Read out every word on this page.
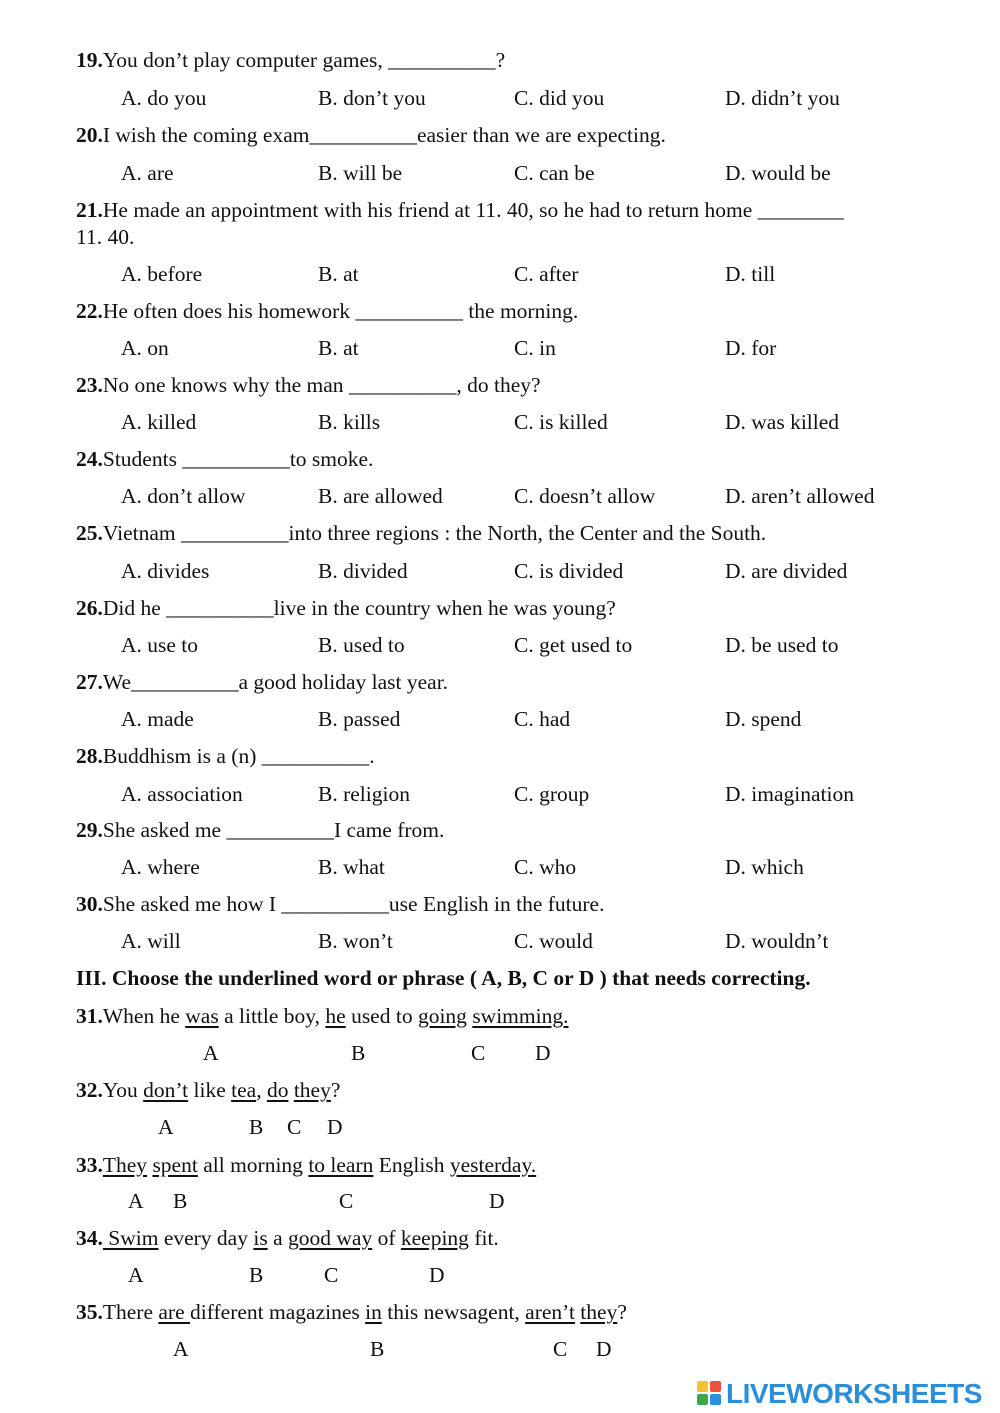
19.You don’t play computer games, __________?
A. do you	B. don’t you	C. did you	D. didn’t you
20.I wish the coming exam__________easier than we are expecting.
A. are	B. will be	C. can be	D. would be
21.He made an appointment with his friend at 11. 40, so he had to return home ________
11. 40.
A. before	B. at	C. after	D. till
22.He often does his homework __________ the morning.
A. on	B. at	C. in	D. for
23.No one knows why the man __________, do they?
A. killed	B. kills	C. is killed	D. was killed
24.Students __________to smoke.
A. don’t allow	B. are allowed	C. doesn’t allow	D. aren’t allowed
25.Vietnam __________into three regions : the North, the Center and the South.
A. divides	B. divided	C. is divided	D. are divided
26.Did he __________live in the country when he was young?
A. use to	B. used to	C. get used to	D. be used to
27.We__________a good holiday last year.
A. made	B. passed	C. had	D. spend
28.Buddhism is a (n) __________.
A. association	B. religion	C. group	D. imagination
29.She asked me __________I came from.
A. where	B. what	C. who	D. which
30.She asked me how I __________use English in the future.
A. will	B. won’t	C. would	D. wouldn’t
III. Choose the underlined word or phrase ( A, B, C or D ) that needs correcting.
31.When he was a little boy, he used to going swimming.
A	B	C D
32.You don’t like tea, do they?
A	B C D
33.They spent all morning to learn English yesterday.
A B	C	D
34. Swim every day is a good way of keeping fit.
A	B	C	D
35.There are different magazines in this newsagent, aren’t they?
A	B	C D
LIVEWORKSHEETS
